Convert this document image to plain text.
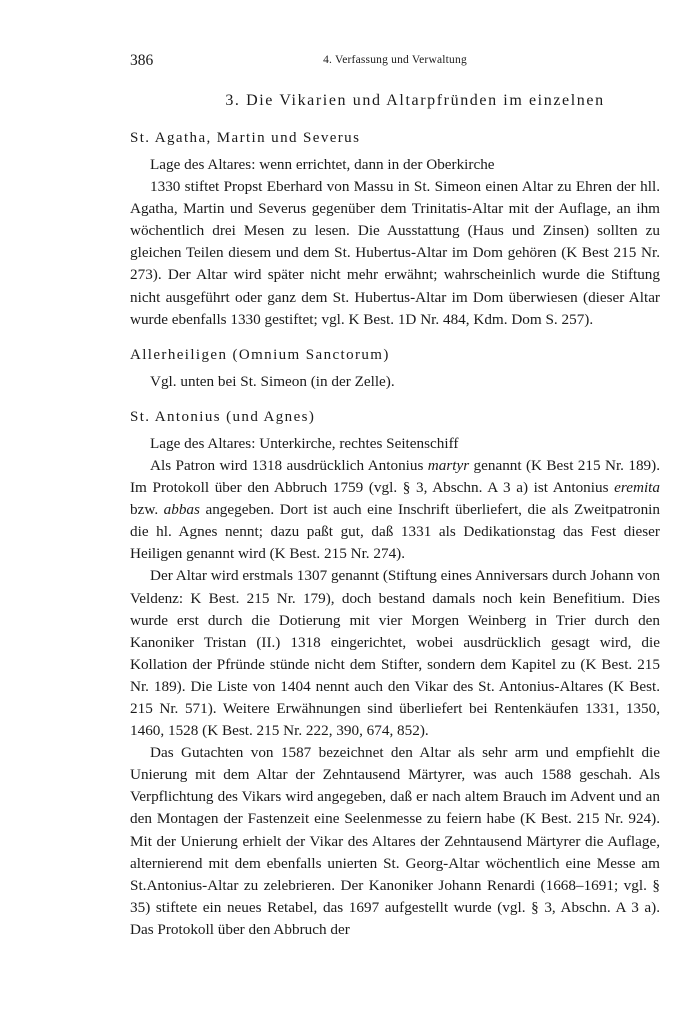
386	4. Verfassung und Verwaltung
3. Die Vikarien und Altarpfründen im einzelnen
St. Agatha, Martin und Severus

Lage des Altares: wenn errichtet, dann in der Oberkirche

1330 stiftet Propst Eberhard von Massu in St. Simeon einen Altar zu Ehren der hll. Agatha, Martin und Severus gegenüber dem Trinitatis-Altar mit der Auflage, an ihm wöchentlich drei Mesen zu lesen. Die Ausstattung (Haus und Zinsen) sollten zu gleichen Teilen diesem und dem St. Hubertus-Altar im Dom gehören (K Best 215 Nr. 273). Der Altar wird später nicht mehr erwähnt; wahrscheinlich wurde die Stiftung nicht ausgeführt oder ganz dem St. Hubertus-Altar im Dom überwiesen (dieser Altar wurde ebenfalls 1330 gestiftet; vgl. K Best. 1D Nr. 484, Kdm. Dom S. 257).

Allerheiligen (Omnium Sanctorum)

Vgl. unten bei St. Simeon (in der Zelle).

St. Antonius (und Agnes)

Lage des Altares: Unterkirche, rechtes Seitenschiff

Als Patron wird 1318 ausdrücklich Antonius martyr genannt (K Best 215 Nr. 189). Im Protokoll über den Abbruch 1759 (vgl. § 3, Abschn. A 3 a) ist Antonius eremita bzw. abbas angegeben. Dort ist auch eine Inschrift überliefert, die als Zweitpatronin die hl. Agnes nennt; dazu paßt gut, daß 1331 als Dedikationstag das Fest dieser Heiligen genannt wird (K Best. 215 Nr. 274).

Der Altar wird erstmals 1307 genannt (Stiftung eines Anniversars durch Johann von Veldenz: K Best. 215 Nr. 179), doch bestand damals noch kein Benefitium. Dies wurde erst durch die Dotierung mit vier Morgen Weinberg in Trier durch den Kanoniker Tristan (II.) 1318 eingerichtet, wobei ausdrücklich gesagt wird, die Kollation der Pfründe stünde nicht dem Stifter, sondern dem Kapitel zu (K Best. 215 Nr. 189). Die Liste von 1404 nennt auch den Vikar des St. Antonius-Altares (K Best. 215 Nr. 571). Weitere Erwähnungen sind überliefert bei Rentenkäufen 1331, 1350, 1460, 1528 (K Best. 215 Nr. 222, 390, 674, 852).

Das Gutachten von 1587 bezeichnet den Altar als sehr arm und empfiehlt die Unierung mit dem Altar der Zehntausend Märtyrer, was auch 1588 geschah. Als Verpflichtung des Vikars wird angegeben, daß er nach altem Brauch im Advent und an den Montagen der Fastenzeit eine Seelenmesse zu feiern habe (K Best. 215 Nr. 924). Mit der Unierung erhielt der Vikar des Altares der Zehntausend Märtyrer die Auflage, alternierend mit dem ebenfalls unierten St. Georg-Altar wöchentlich eine Messe am St.Antonius-Altar zu zelebrieren. Der Kanoniker Johann Renardi (1668–1691; vgl. § 35) stiftete ein neues Retabel, das 1697 aufgestellt wurde (vgl. § 3, Abschn. A 3 a). Das Protokoll über den Abbruch der
